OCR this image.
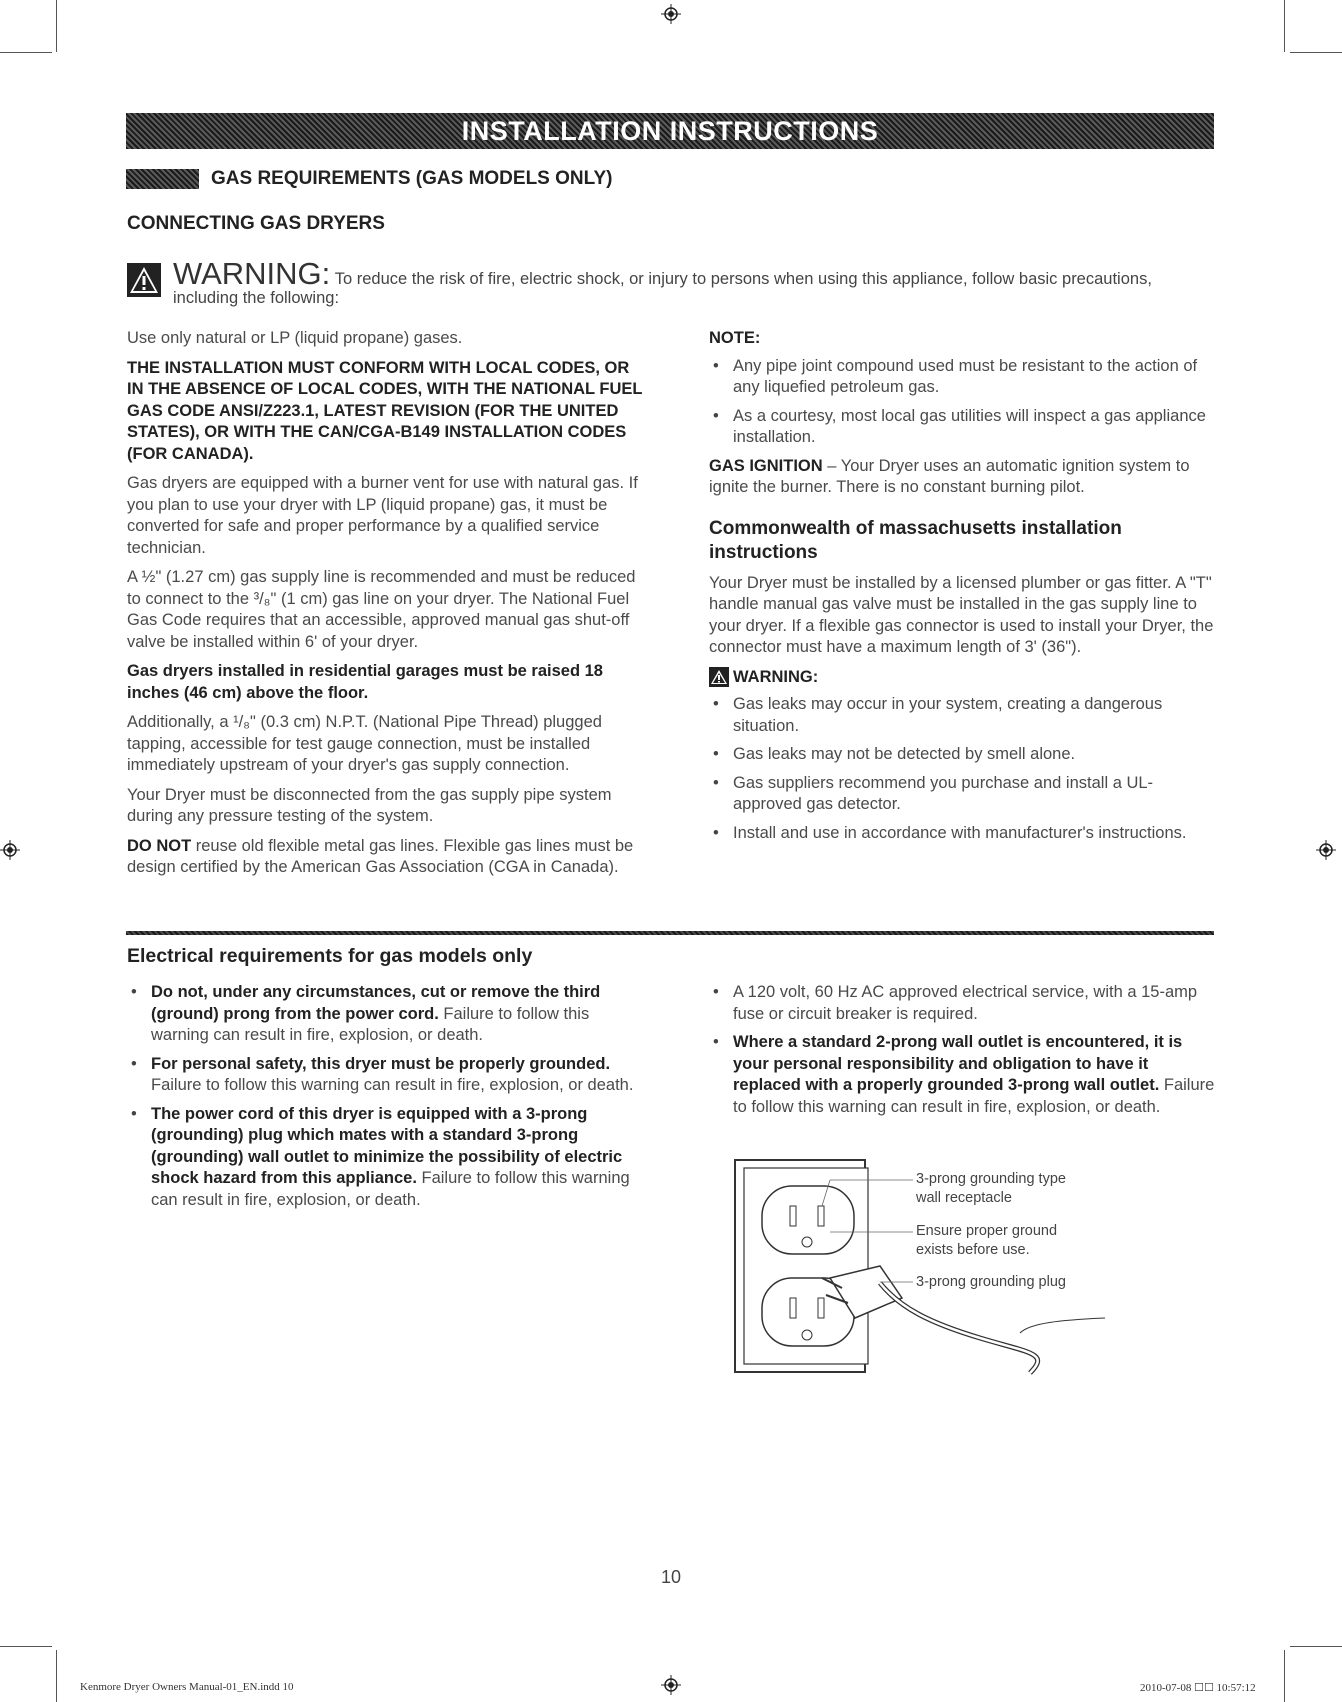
INSTALLATION INSTRUCTIONS
GAS REQUIREMENTS (GAS MODELS ONLY)
CONNECTING GAS DRYERS
WARNING: To reduce the risk of fire, electric shock, or injury to persons when using this appliance, follow basic precautions,
including the following:

Use only natural or LP (liquid propane) gases.

THE INSTALLATION MUST CONFORM WITH LOCAL CODES, OR IN THE ABSENCE OF LOCAL CODES, WITH THE NATIONAL FUEL GAS CODE ANSI/Z223.1, LATEST REVISION (FOR THE UNITED STATES), OR WITH THE CAN/CGA-B149 INSTALLATION CODES (FOR CANADA).

Gas dryers are equipped with a burner vent for use with natural gas. If you plan to use your dryer with LP (liquid propane) gas, it must be converted for safe and proper performance by a qualified service technician.

A ½" (1.27 cm) gas supply line is recommended and must be reduced to connect to the ³/₈" (1 cm) gas line on your dryer. The National Fuel Gas Code requires that an accessible, approved manual gas shut-off valve be installed within 6' of your dryer.

Gas dryers installed in residential garages must be raised 18 inches (46 cm) above the floor.

Additionally, a ¹/₈" (0.3 cm) N.P.T. (National Pipe Thread) plugged tapping, accessible for test gauge connection, must be installed immediately upstream of your dryer's gas supply connection.

Your Dryer must be disconnected from the gas supply pipe system during any pressure testing of the system.

DO NOT reuse old flexible metal gas lines. Flexible gas lines must be design certified by the American Gas Association (CGA in Canada).

NOTE:
• Any pipe joint compound used must be resistant to the action of any liquefied petroleum gas.
• As a courtesy, most local gas utilities will inspect a gas appliance installation.

GAS IGNITION – Your Dryer uses an automatic ignition system to ignite the burner. There is no constant burning pilot.

Commonwealth of massachusetts installation instructions

Your Dryer must be installed by a licensed plumber or gas fitter. A "T" handle manual gas valve must be installed in the gas supply line to your dryer. If a flexible gas connector is used to install your Dryer, the connector must have a maximum length of 3' (36").

WARNING:
• Gas leaks may occur in your system, creating a dangerous situation.
• Gas leaks may not be detected by smell alone.
• Gas suppliers recommend you purchase and install a UL-approved gas detector.
• Install and use in accordance with manufacturer's instructions.
Electrical requirements for gas models only
• Do not, under any circumstances, cut or remove the third (ground) prong from the power cord. Failure to follow this warning can result in fire, explosion, or death.
• For personal safety, this dryer must be properly grounded. Failure to follow this warning can result in fire, explosion, or death.
• The power cord of this dryer is equipped with a 3-prong (grounding) plug which mates with a standard 3-prong (grounding) wall outlet to minimize the possibility of electric shock hazard from this appliance. Failure to follow this warning can result in fire, explosion, or death.
• A 120 volt, 60 Hz AC approved electrical service, with a 15-amp fuse or circuit breaker is required.
• Where a standard 2-prong wall outlet is encountered, it is your personal responsibility and obligation to have it replaced with a properly grounded 3-prong wall outlet. Failure to follow this warning can result in fire, explosion, or death.
3-prong grounding type
wall receptacle
Ensure proper ground
exists before use.
3-prong grounding plug
10
Kenmore Dryer Owners Manual-01_EN.indd 10	2010-07-08 ☐☐ 10:57:12
